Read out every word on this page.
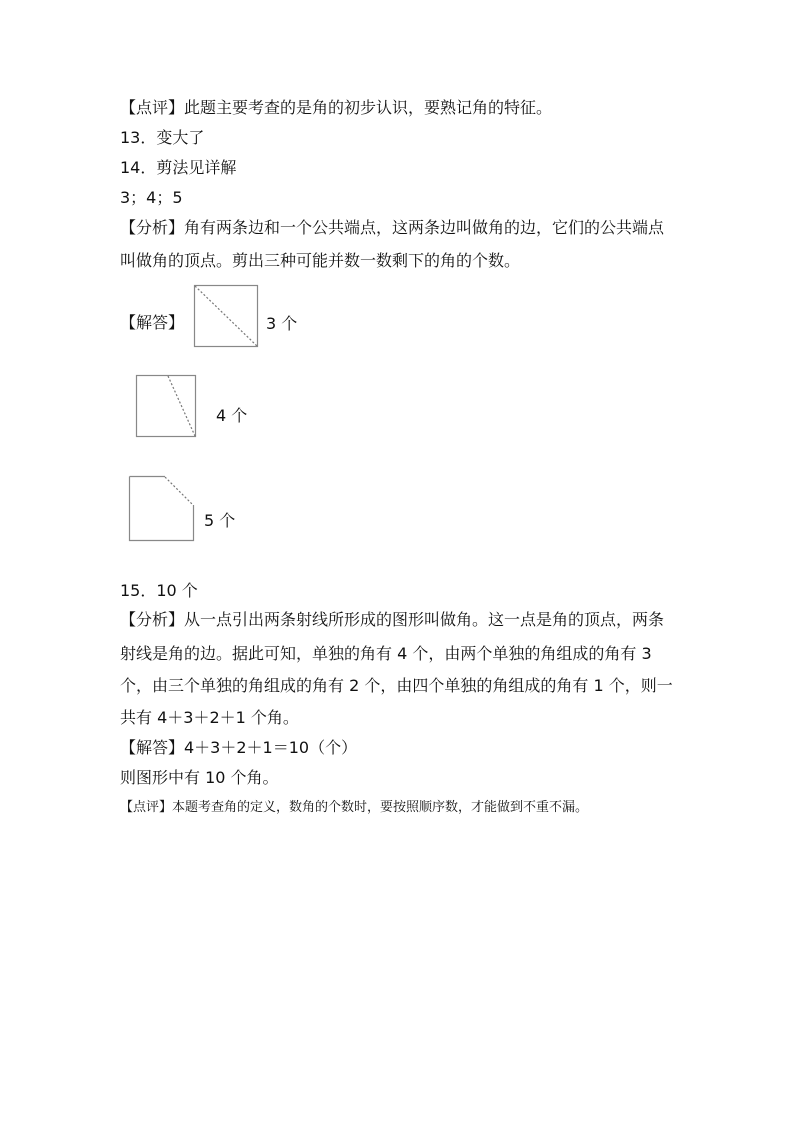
【点评】此题主要考查的是角的初步认识，要熟记角的特征。
13．变大了
14．剪法见详解
3；4；5
【分析】角有两条边和一个公共端点，这两条边叫做角的边，它们的公共端点
叫做角的顶点。剪出三种可能并数一数剩下的角的个数。
【解答】	3 个
4 个
5 个
15．10 个
【分析】从一点引出两条射线所形成的图形叫做角。这一点是角的顶点，两条
射线是角的边。据此可知，单独的角有 4 个，由两个单独的角组成的角有 3
个，由三个单独的角组成的角有 2 个，由四个单独的角组成的角有 1 个，则一
共有 4＋3＋2＋1 个角。
【解答】4＋3＋2＋1＝10（个）
则图形中有 10 个角。
【点评】本题考查角的定义，数角的个数时，要按照顺序数，才能做到不重不漏。
